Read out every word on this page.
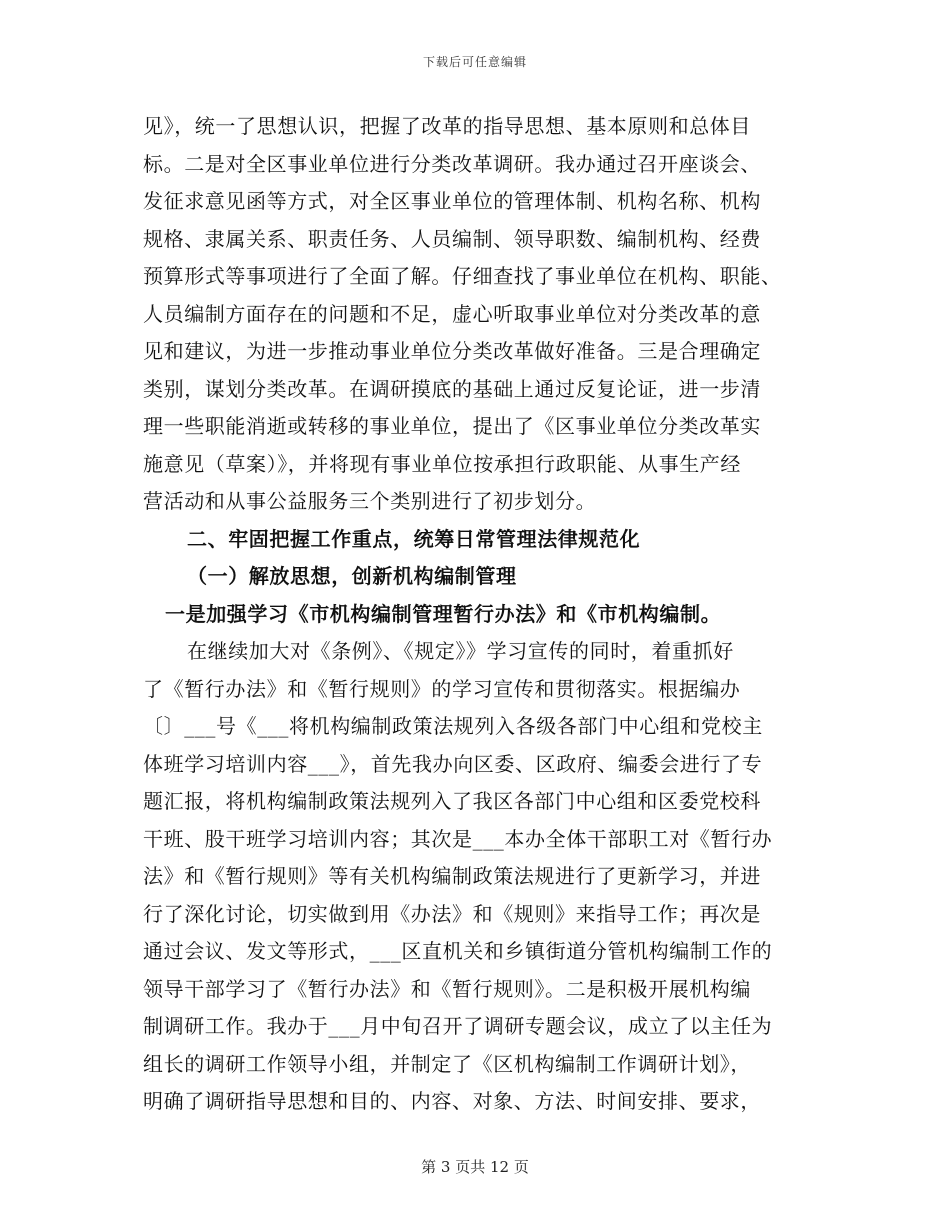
下载后可任意编辑
见》，统一了思想认识，把握了改革的指导思想、基本原则和总体目
标。二是对全区事业单位进行分类改革调研。我办通过召开座谈会、
发征求意见函等方式，对全区事业单位的管理体制、机构名称、机构
规格、隶属关系、职责任务、人员编制、领导职数、编制机构、经费
预算形式等事项进行了全面了解。仔细查找了事业单位在机构、职能、
人员编制方面存在的问题和不足，虚心听取事业单位对分类改革的意
见和建议，为进一步推动事业单位分类改革做好准备。三是合理确定
类别，谋划分类改革。在调研摸底的基础上通过反复论证，进一步清
理一些职能消逝或转移的事业单位，提出了《区事业单位分类改革实
施意见（草案）》，并将现有事业单位按承担行政职能、从事生产经
营活动和从事公益服务三个类别进行了初步划分。
二、牢固把握工作重点，统筹日常管理法律规范化
（一）解放思想，创新机构编制管理
一是加强学习《市机构编制管理暂行办法》和《市机构编制。
在继续加大对《条例》、《规定》》学习宣传的同时，着重抓好
了《暂行办法》和《暂行规则》的学习宣传和贯彻落实。根据编办
〔〕___号《___将机构编制政策法规列入各级各部门中心组和党校主
体班学习培训内容___》，首先我办向区委、区政府、编委会进行了专
题汇报，将机构编制政策法规列入了我区各部门中心组和区委党校科
干班、股干班学习培训内容；其次是___本办全体干部职工对《暂行办
法》和《暂行规则》等有关机构编制政策法规进行了更新学习，并进
行了深化讨论，切实做到用《办法》和《规则》来指导工作；再次是
通过会议、发文等形式，___区直机关和乡镇街道分管机构编制工作的
领导干部学习了《暂行办法》和《暂行规则》。二是积极开展机构编
制调研工作。我办于___月中旬召开了调研专题会议，成立了以主任为
组长的调研工作领导小组，并制定了《区机构编制工作调研计划》，
明确了调研指导思想和目的、内容、对象、方法、时间安排、要求，
第 3 页共 12 页
